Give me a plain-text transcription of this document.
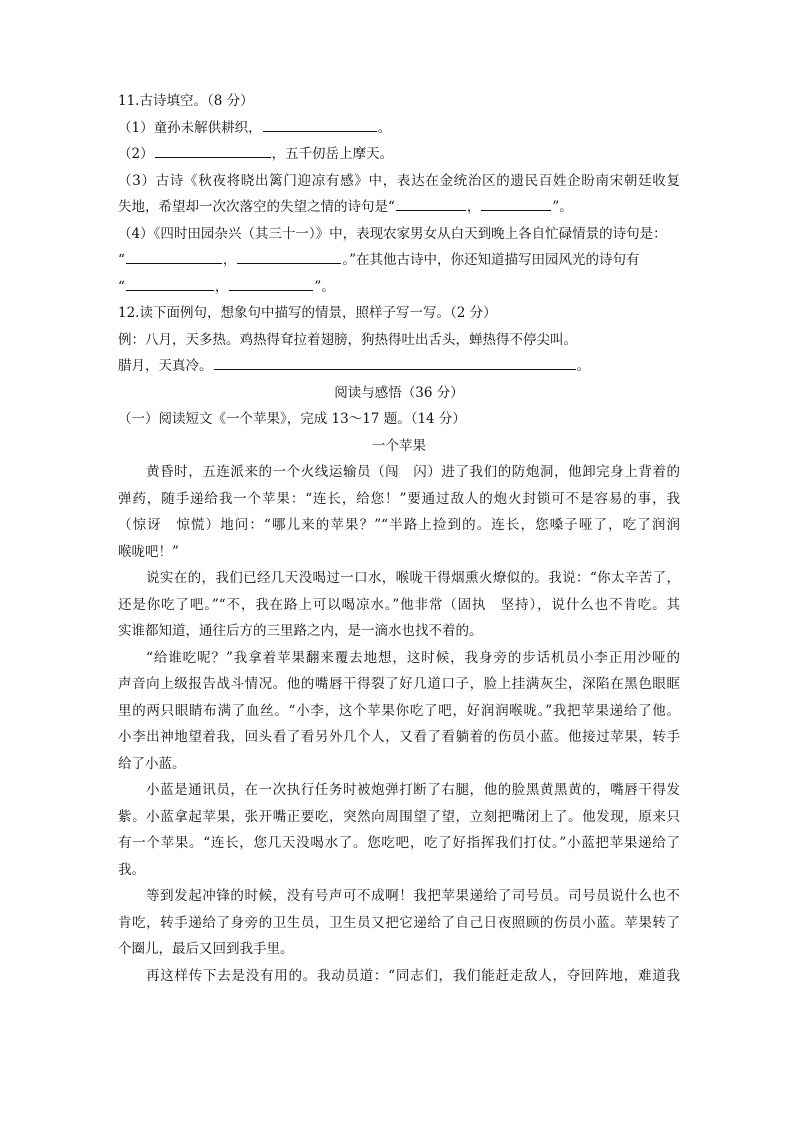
11.古诗填空。（8 分）

（1）童孙未解供耕织，	。

（2）	，五千仞岳上摩天。

（3）古诗《秋夜将晓出篱门迎凉有感》中，表达在金统治区的遗民百姓企盼南宋朝廷收复

失地，希望却一次次落空的失望之情的诗句是“	，	”。

（4）《四时田园杂兴（其三十一）》中，表现农家男女从白天到晚上各自忙碌情景的诗句是：

“	，	。”在其他古诗中，你还知道描写田园风光的诗句有

“	，	”。

12.读下面例句，想象句中描写的情景，照样子写一写。（2 分）

例：八月，天多热。鸡热得耷拉着翅膀，狗热得吐出舌头，蝉热得不停尖叫。

腊月，天真冷。	。

阅读与感悟（36 分）

（一）阅读短文《一个苹果》，完成 13～17 题。（14 分）

一个苹果

黄昏时，五连派来的一个火线运输员（闯　闪）进了我们的防炮洞，他卸完身上背着的

弹药，随手递给我一个苹果：“连长，给您！”要通过敌人的炮火封锁可不是容易的事，我

（惊讶　惊慌）地问：“哪儿来的苹果？”“半路上捡到的。连长，您嗓子哑了，吃了润润

喉咙吧！”

说实在的，我们已经几天没喝过一口水，喉咙干得烟熏火燎似的。我说：“你太辛苦了，

还是你吃了吧。”“不，我在路上可以喝凉水。”他非常（固执　坚持），说什么也不肯吃。其

实谁都知道，通往后方的三里路之内，是一滴水也找不着的。

“给谁吃呢？”我拿着苹果翻来覆去地想，这时候，我身旁的步话机员小李正用沙哑的

声音向上级报告战斗情况。他的嘴唇干得裂了好几道口子，脸上挂满灰尘，深陷在黑色眼眶

里的两只眼睛布满了血丝。“小李，这个苹果你吃了吧，好润润喉咙。”我把苹果递给了他。

小李出神地望着我，回头看了看另外几个人，又看了看躺着的伤员小蓝。他接过苹果，转手

给了小蓝。

小蓝是通讯员，在一次执行任务时被炮弹打断了右腿，他的脸黑黄黑黄的，嘴唇干得发

紫。小蓝拿起苹果，张开嘴正要吃，突然向周围望了望，立刻把嘴闭上了。他发现，原来只

有一个苹果。“连长，您几天没喝水了。您吃吧，吃了好指挥我们打仗。”小蓝把苹果递给了

我。

等到发起冲锋的时候，没有号声可不成啊！我把苹果递给了司号员。司号员说什么也不

肯吃，转手递给了身旁的卫生员，卫生员又把它递给了自己日夜照顾的伤员小蓝。苹果转了

个圈儿，最后又回到我手里。

再这样传下去是没有用的。我动员道：“同志们，我们能赶走敌人，夺回阵地，难道我
